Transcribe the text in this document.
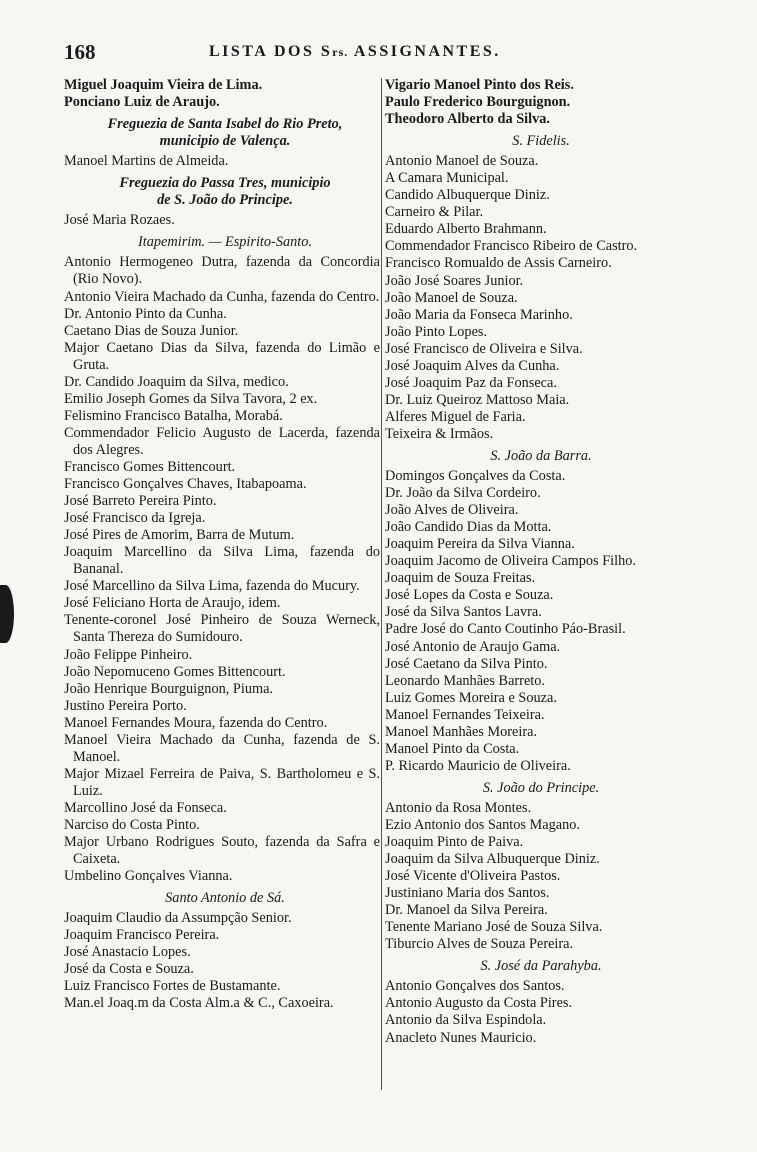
168	LISTA DOS Srs. ASSIGNANTES.
Miguel Joaquim Vieira de Lima.
Ponciano Luiz de Araujo.
Freguezia de Santa Isabel do Rio Preto,
municipio de Valença.
Manoel Martins de Almeida.
Freguezia do Passa Tres, municipio
de S. João do Principe.
José Maria Rozaes.
Itapemirim. — Espirito-Santo.
Antonio Hermogeneo Dutra, fazenda da Concordia (Rio Novo).
Antonio Vieira Machado da Cunha, fazenda do Centro.
Dr. Antonio Pinto da Cunha.
Caetano Dias de Souza Junior.
Major Caetano Dias da Silva, fazenda do Limão e Gruta.
Dr. Candido Joaquim da Silva, medico.
Emilio Joseph Gomes da Silva Tavora, 2 ex.
Felismino Francisco Batalha, Morabá.
Commendador Felicio Augusto de Lacerda, fazenda dos Alegres.
Francisco Gomes Bittencourt.
Francisco Gonçalves Chaves, Itabapoama.
José Barreto Pereira Pinto.
José Francisco da Igreja.
José Pires de Amorim, Barra de Mutum.
Joaquim Marcellino da Silva Lima, fazenda do Bananal.
José Marcellino da Silva Lima, fazenda do Mucury.
José Feliciano Horta de Araujo, idem.
Tenente-coronel José Pinheiro de Souza Werneck, Santa Thereza do Sumidouro.
João Felippe Pinheiro.
João Nepomuceno Gomes Bittencourt.
João Henrique Bourguignon, Piuma.
Justino Pereira Porto.
Manoel Fernandes Moura, fazenda do Centro.
Manoel Vieira Machado da Cunha, fazenda de S. Manoel.
Major Mizael Ferreira de Paiva, S. Bartholomeu e S. Luiz.
Marcollino José da Fonseca.
Narciso do Costa Pinto.
Major Urbano Rodrigues Souto, fazenda da Safra e Caixeta.
Umbelino Gonçalves Vianna.
Santo Antonio de Sá.
Joaquim Claudio da Assumpção Senior.
Joaquim Francisco Pereira.
José Anastacio Lopes.
José da Costa e Souza.
Luiz Francisco Fortes de Bustamante.
Man.el Joaq.m da Costa Alm.a & C., Caxoeira.
Vigario Manoel Pinto dos Reis.
Paulo Frederico Bourguignon.
Theodoro Alberto da Silva.
S. Fidelis.
Antonio Manoel de Souza.
A Camara Municipal.
Candido Albuquerque Diniz.
Carneiro & Pilar.
Eduardo Alberto Brahmann.
Commendador Francisco Ribeiro de Castro.
Francisco Romualdo de Assis Carneiro.
João José Soares Junior.
João Manoel de Souza.
João Maria da Fonseca Marinho.
João Pinto Lopes.
José Francisco de Oliveira e Silva.
José Joaquim Alves da Cunha.
José Joaquim Paz da Fonseca.
Dr. Luiz Queiroz Mattoso Maia.
Alferes Miguel de Faria.
Teixeira & Irmãos.
S. João da Barra.
Domingos Gonçalves da Costa.
Dr. João da Silva Cordeiro.
João Alves de Oliveira.
João Candido Dias da Motta.
Joaquim Pereira da Silva Vianna.
Joaquim Jacomo de Oliveira Campos Filho.
Joaquim de Souza Freitas.
José Lopes da Costa e Souza.
José da Silva Santos Lavra.
Padre José do Canto Coutinho Páo-Brasil.
José Antonio de Araujo Gama.
José Caetano da Silva Pinto.
Leonardo Manhães Barreto.
Luiz Gomes Moreira e Souza.
Manoel Fernandes Teixeira.
Manoel Manhães Moreira.
Manoel Pinto da Costa.
P. Ricardo Mauricio de Oliveira.
S. João do Principe.
Antonio da Rosa Montes.
Ezio Antonio dos Santos Magano.
Joaquim Pinto de Paiva.
Joaquim da Silva Albuquerque Diniz.
José Vicente d'Oliveira Pastos.
Justiniano Maria dos Santos.
Dr. Manoel da Silva Pereira.
Tenente Mariano José de Souza Silva.
Tiburcio Alves de Souza Pereira.
S. José da Parahyba.
Antonio Gonçalves dos Santos.
Antonio Augusto da Costa Pires.
Antonio da Silva Espindola.
Anacleto Nunes Mauricio.
